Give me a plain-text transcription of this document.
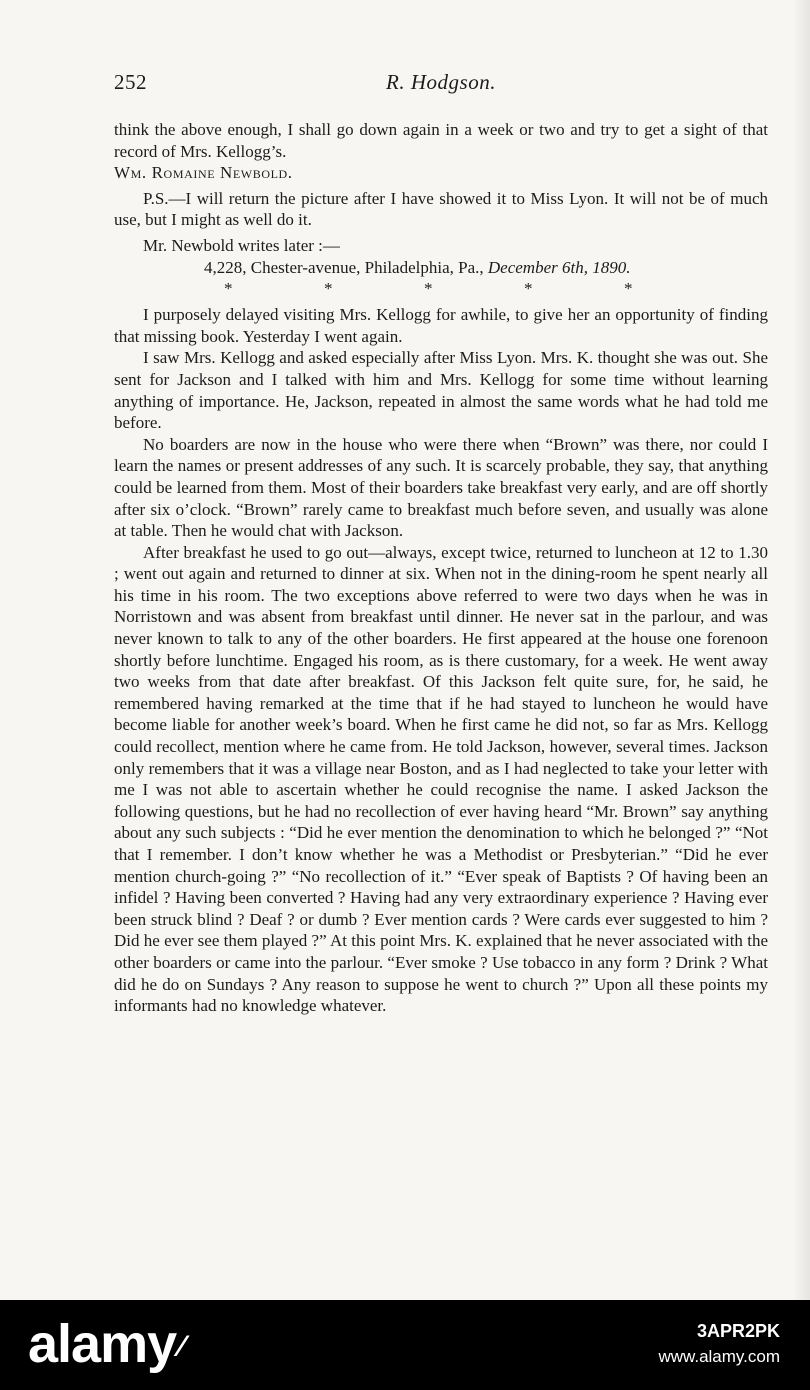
252	R. Hodgson.

think the above enough, I shall go down again in a week or two and try to get a sight of that record of Mrs. Kellogg’s.

Wm. Romaine Newbold.

P.S.—I will return the picture after I have showed it to Miss Lyon. It will not be of much use, but I might as well do it.

Mr. Newbold writes later :—

4,228, Chester-avenue, Philadelphia, Pa., December 6th, 1890.

*	*	*	*	*

I purposely delayed visiting Mrs. Kellogg for awhile, to give her an opportunity of finding that missing book. Yesterday I went again.

I saw Mrs. Kellogg and asked especially after Miss Lyon. Mrs. K. thought she was out. She sent for Jackson and I talked with him and Mrs. Kellogg for some time without learning anything of importance. He, Jackson, repeated in almost the same words what he had told me before.

No boarders are now in the house who were there when “Brown” was there, nor could I learn the names or present addresses of any such. It is scarcely probable, they say, that anything could be learned from them. Most of their boarders take breakfast very early, and are off shortly after six o’clock. “Brown” rarely came to breakfast much before seven, and usually was alone at table. Then he would chat with Jackson.

After breakfast he used to go out—always, except twice, returned to luncheon at 12 to 1.30 ; went out again and returned to dinner at six. When not in the dining-room he spent nearly all his time in his room. The two exceptions above referred to were two days when he was in Norristown and was absent from breakfast until dinner. He never sat in the parlour, and was never known to talk to any of the other boarders. He first appeared at the house one forenoon shortly before lunchtime. Engaged his room, as is there customary, for a week. He went away two weeks from that date after breakfast. Of this Jackson felt quite sure, for, he said, he remembered having remarked at the time that if he had stayed to luncheon he would have become liable for another week’s board. When he first came he did not, so far as Mrs. Kellogg could recollect, mention where he came from. He told Jackson, however, several times. Jackson only remembers that it was a village near Boston, and as I had neglected to take your letter with me I was not able to ascertain whether he could recognise the name. I asked Jackson the following questions, but he had no recollection of ever having heard “Mr. Brown” say anything about any such subjects : “Did he ever mention the denomination to which he belonged ?” “Not that I remember. I don’t know whether he was a Methodist or Presbyterian.” “Did he ever mention church-going ?” “No recollection of it.” “Ever speak of Baptists ? Of having been an infidel ? Having been converted ? Having had any very extraordinary experience ? Having ever been struck blind ? Deaf ? or dumb ? Ever mention cards ? Were cards ever suggested to him ? Did he ever see them played ?” At this point Mrs. K. explained that he never associated with the other boarders or came into the parlour. “Ever smoke ? Use tobacco in any form ? Drink ? What did he do on Sundays ? Any reason to suppose he went to church ?” Upon all these points my informants had no knowledge whatever.

alamy ⁄	3APR2PK
www.alamy.com
